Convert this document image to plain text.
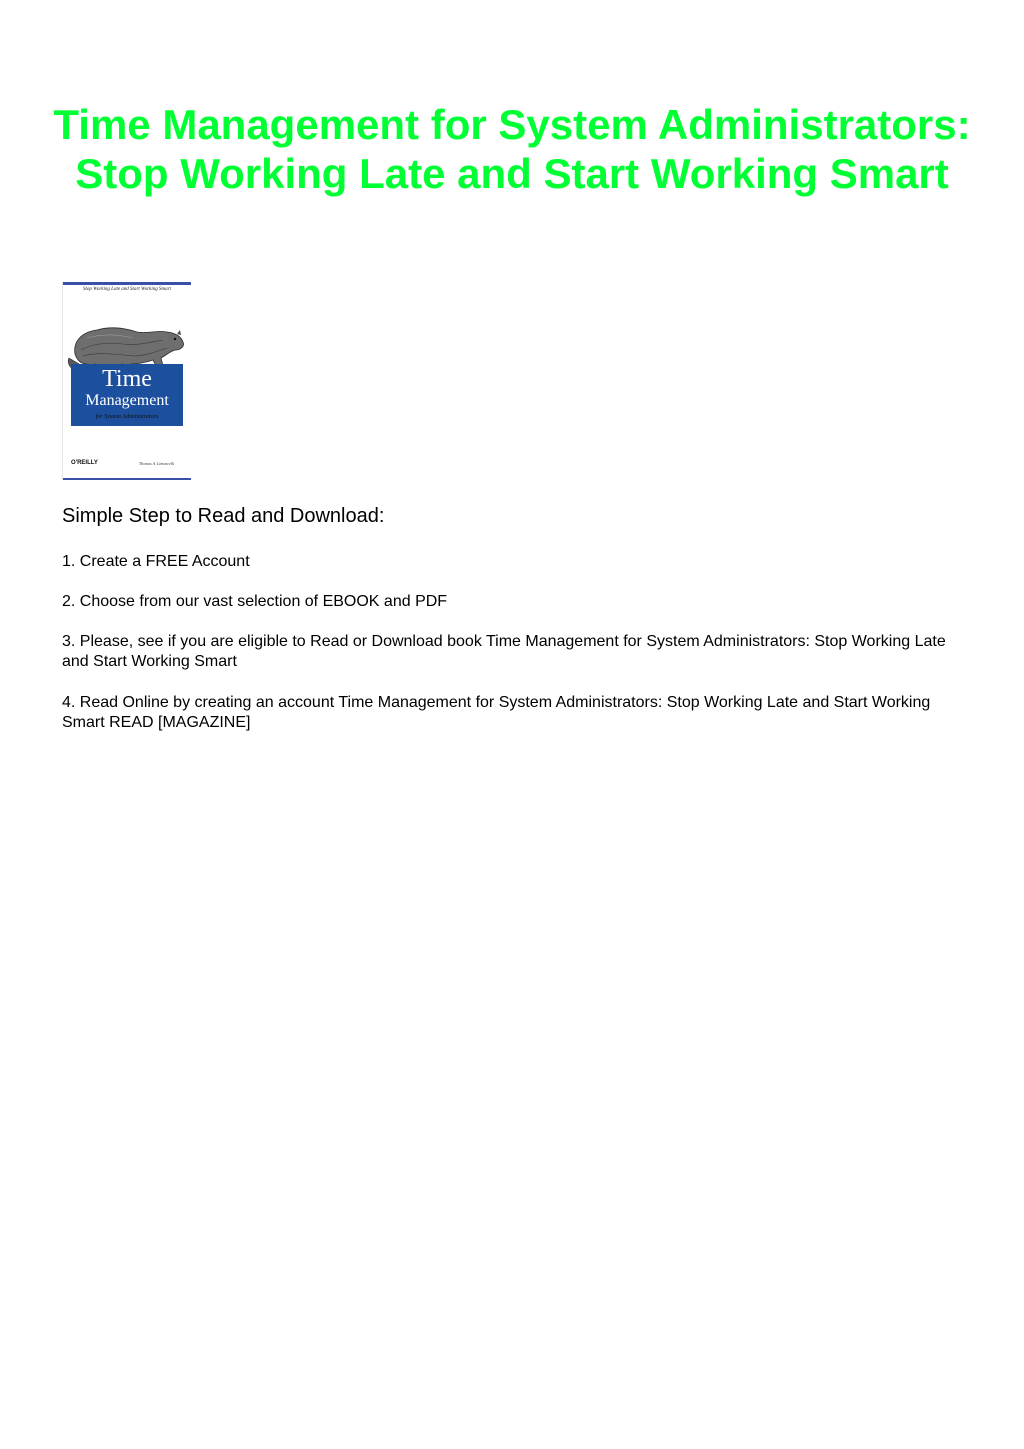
Time Management for System Administrators: Stop Working Late and Start Working Smart
Stop Working Late and Start Working Smart
Time
Management
for System Administrators
O'REILLY	Thomas A. Limoncelli
Simple Step to Read and Download:

1. Create a FREE Account

2. Choose from our vast selection of EBOOK and PDF

3. Please, see if you are eligible to Read or Download book Time Management for System Administrators: Stop Working Late and Start Working Smart

4. Read Online by creating an account Time Management for System Administrators: Stop Working Late and Start Working Smart READ [MAGAZINE]
